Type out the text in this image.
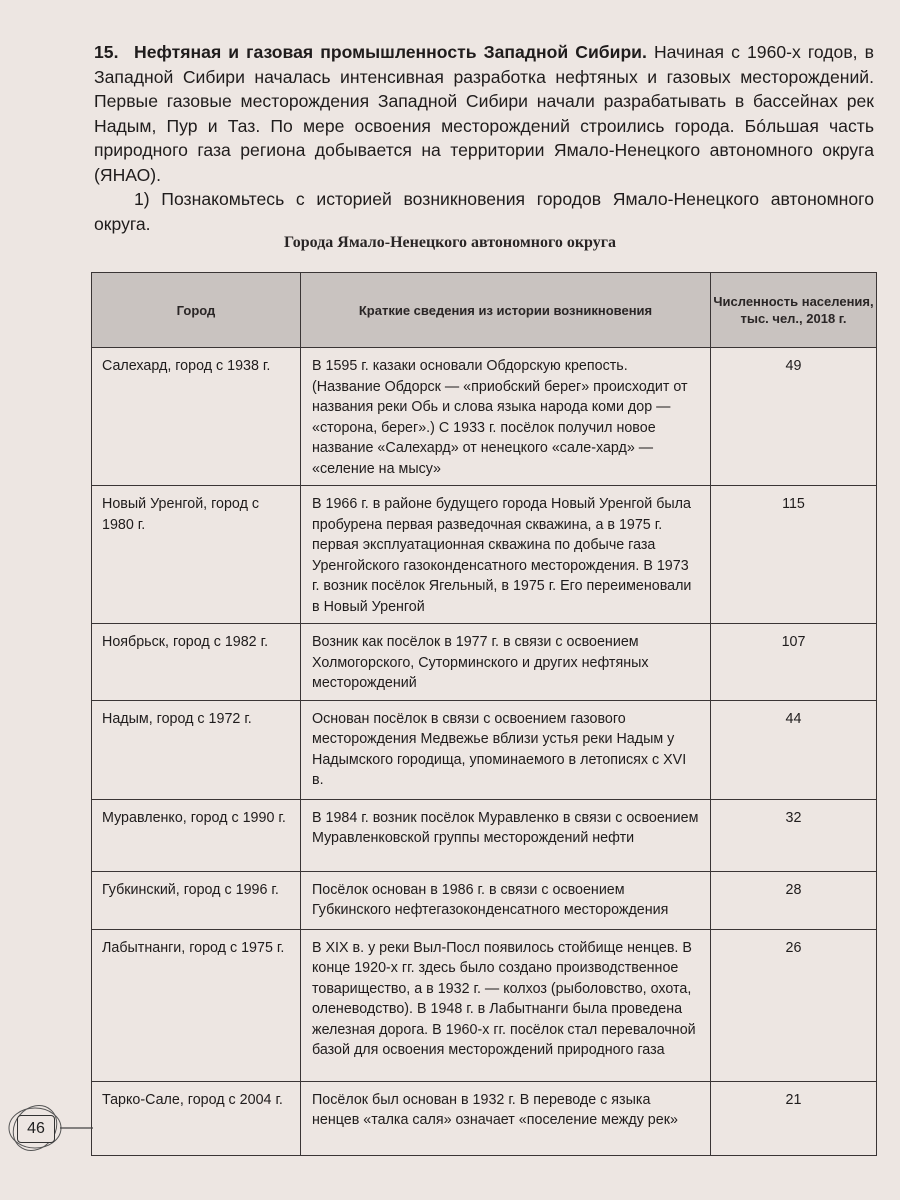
15. Нефтяная и газовая промышленность Западной Сибири. Начиная с 1960-х годов, в Западной Сибири началась интенсивная разработка нефтяных и газовых месторождений. Первые газовые месторождения Западной Сибири начали разрабатывать в бассейнах рек Надым, Пур и Таз. По мере освоения месторождений строились города. Бóльшая часть природного газа региона добывается на территории Ямало-Ненецкого автономного округа (ЯНАО).
1) Познакомьтесь с историей возникновения городов Ямало-Ненецкого автономного округа.
Города Ямало-Ненецкого автономного округа
Город	Краткие сведения из истории возникновения	Численность населения, тыс. чел., 2018 г.
Салехард, город с 1938 г.	В 1595 г. казаки основали Обдорскую крепость. (Название Обдорск — «приобский берег» происходит от названия реки Обь и слова языка народа коми дор — «сторона, берег».) С 1933 г. посёлок получил новое название «Салехард» от ненецкого «сале-хард» — «селение на мысу»	49
Новый Уренгой, город с 1980 г.	В 1966 г. в районе будущего города Новый Уренгой была пробурена первая разведочная скважина, а в 1975 г. первая эксплуатационная скважина по добыче газа Уренгойского газоконденсатного месторождения. В 1973 г. возник посёлок Ягельный, в 1975 г. Его переименовали в Новый Уренгой	115
Ноябрьск, город с 1982 г.	Возник как посёлок в 1977 г. в связи с освоением Холмогорского, Суторминского и других нефтяных месторождений	107
Надым, город с 1972 г.	Основан посёлок в связи с освоением газового месторождения Медвежье вблизи устья реки Надым у Надымского городища, упоминаемого в летописях с XVI в.	44
Муравленко, город с 1990 г.	В 1984 г. возник посёлок Муравленко в связи с освоением Муравленковской группы месторождений нефти	32
Губкинский, город с 1996 г.	Посёлок основан в 1986 г. в связи с освоением Губкинского нефтегазоконденсатного месторождения	28
Лабытнанги, город с 1975 г.	В XIX в. у реки Выл-Посл появилось стойбище ненцев. В конце 1920-х гг. здесь было создано производственное товарищество, а в 1932 г. — колхоз (рыболовство, охота, оленеводство). В 1948 г. в Лабытнанги была проведена железная дорога. В 1960-х гг. посёлок стал перевалочной базой для освоения месторождений природного газа	26
Тарко-Сале, город с 2004 г.	Посёлок был основан в 1932 г. В переводе с языка ненцев «талка саля» означает «поселение между рек»	21
46
